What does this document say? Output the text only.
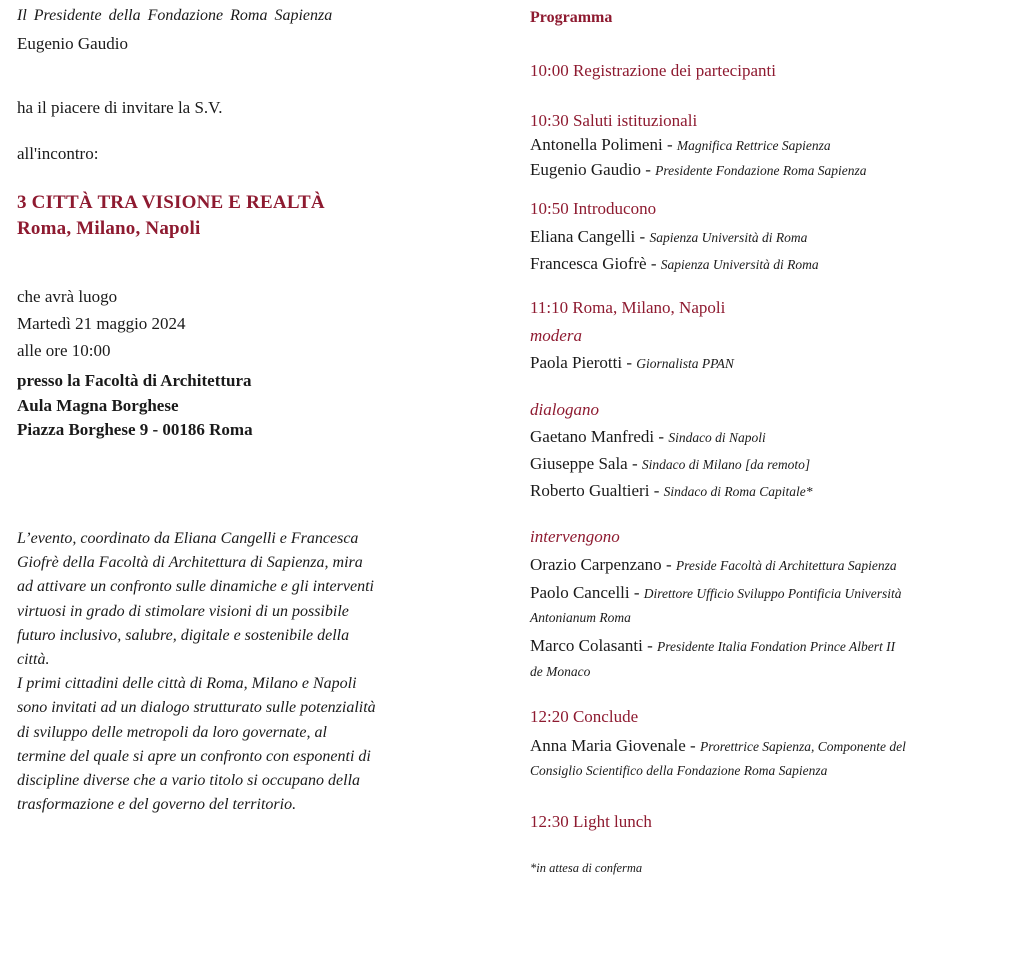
Il Presidente della Fondazione Roma Sapienza

Eugenio Gaudio

ha il piacere di invitare la S.V.

all'incontro:

3 CITTÀ TRA VISIONE E REALTÀ

Roma, Milano, Napoli

che avrà luogo

Martedì 21 maggio 2024

alle ore 10:00

presso la Facoltà di Architettura

Aula Magna Borghese

Piazza Borghese 9 - 00186 Roma

L’evento, coordinato da Eliana Cangelli e Francesca Giofrè della Facoltà di Architettura di Sapienza, mira ad attivare un confronto sulle dinamiche e gli interventi virtuosi in grado di stimolare visioni di un possibile futuro inclusivo, salubre, digitale e sostenibile della città.

I primi cittadini delle città di Roma, Milano e Napoli sono invitati ad un dialogo strutturato sulle potenzialità di sviluppo delle metropoli da loro governate, al termine del quale si apre un confronto con esponenti di discipline diverse che a vario titolo si occupano della trasformazione e del governo del territorio.

Programma

10:00 Registrazione dei partecipanti

10:30 Saluti istituzionali

Antonella Polimeni - Magnifica Rettrice Sapienza

Eugenio Gaudio - Presidente Fondazione Roma Sapienza

10:50 Introducono

Eliana Cangelli - Sapienza Università di Roma

Francesca Giofrè - Sapienza Università di Roma

11:10 Roma, Milano, Napoli

modera

Paola Pierotti - Giornalista PPAN

dialogano

Gaetano Manfredi - Sindaco di Napoli

Giuseppe Sala - Sindaco di Milano [da remoto]

Roberto Gualtieri - Sindaco di Roma Capitale*

intervengono

Orazio Carpenzano - Preside Facoltà di Architettura Sapienza

Paolo Cancelli - Direttore Ufficio Sviluppo Pontificia Università

Antonianum Roma

Marco Colasanti - Presidente Italia Fondation Prince Albert II

de Monaco

12:20 Conclude

Anna Maria Giovenale - Prorettrice Sapienza, Componente del

Consiglio Scientifico della Fondazione Roma Sapienza

12:30 Light lunch

*in attesa di conferma
